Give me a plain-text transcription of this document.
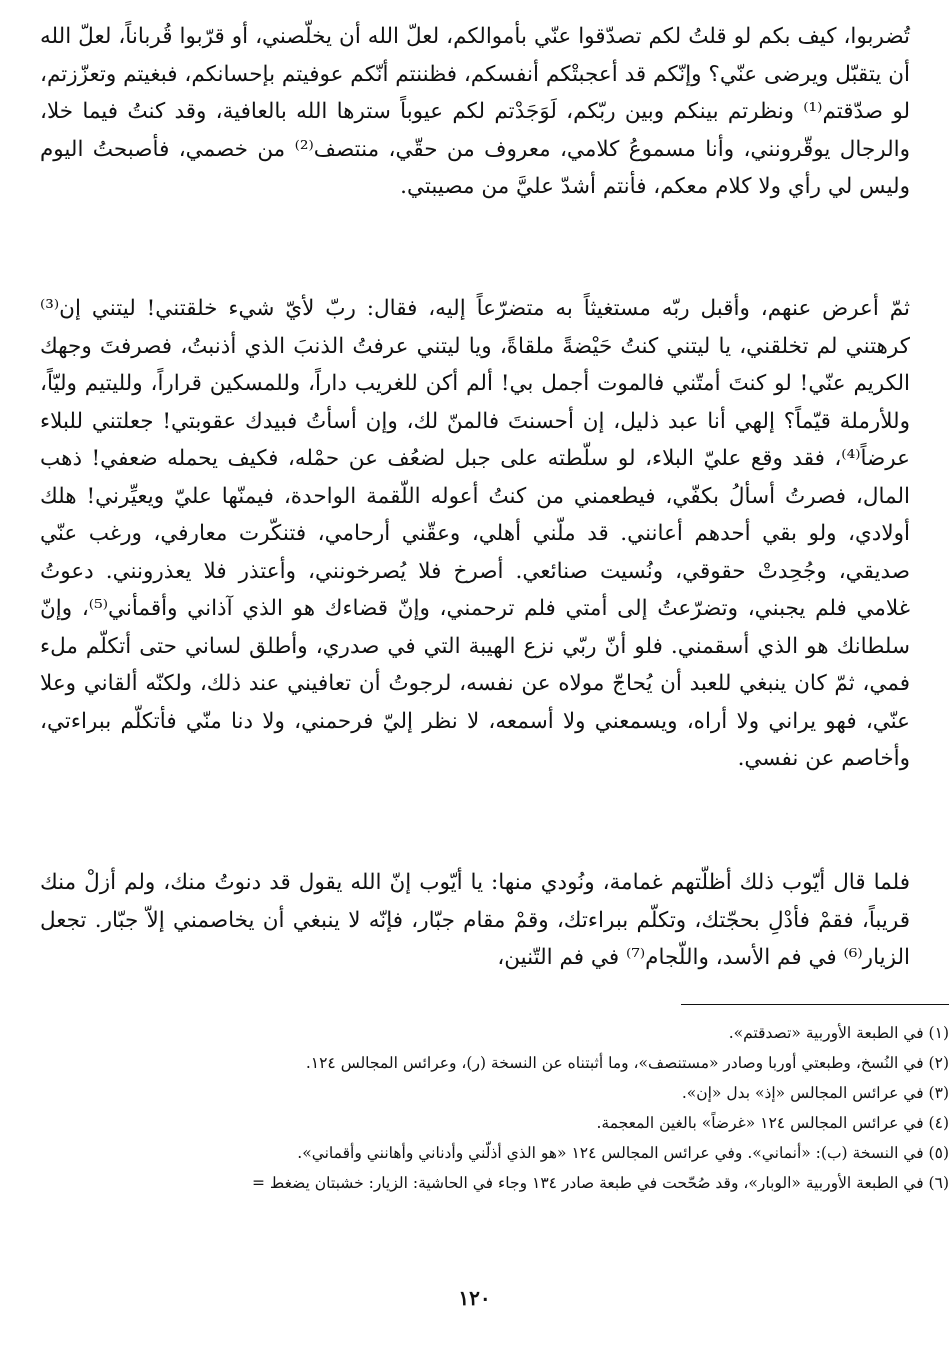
تُضربوا، كيف بكم لو قلتُ لكم تصدّقوا عنّي بأموالكم، لعلّ الله أن يخلّصني، أو قرّبوا قُرباناً، لعلّ الله أن يتقبّل ويرضى عنّي؟ وإنّكم قد أعجبتْكم أنفسكم، فظننتم أنّكم عوفيتم بإحسانكم، فبغيتم وتعزّزتم، لو صدّقتم⁽¹⁾ ونظرتم بينكم وبين ربّكم، لَوَجَدْتم لكم عيوباً سترها الله بالعافية، وقد كنتُ فيما خلا، والرجال يوقّرونني، وأنا مسموعُ كلامي، معروف من حقّي، منتصف⁽²⁾ من خصمي، فأصبحتُ اليوم وليس لي رأي ولا كلام معكم، فأنتم أشدّ عليَّ من مصيبتي.

ثمّ أعرض عنهم، وأقبل ربّه مستغيثاً به متضرّعاً إليه، فقال: ربّ لأيّ شيء خلقتني! ليتني إن⁽³⁾ كرهتني لم تخلقني، يا ليتني كنتُ حَيْضةً ملقاةً، ويا ليتني عرفتُ الذنبَ الذي أذنبتُ، فصرفتَ وجهك الكريم عنّي! لو كنتَ أمتّني فالموت أجمل بي! ألم أكن للغريب داراً، وللمسكين قراراً، ولليتيم وليّاً، وللأرملة قيّماً؟ إلهي أنا عبد ذليل، إن أحسنتَ فالمنّ لك، وإن أسأتُ فبيدك عقوبتي! جعلتني للبلاء عرضاً⁽⁴⁾، فقد وقع عليّ البلاء، لو سلّطته على جبل لضعُف عن حمْله، فكيف يحمله ضعفي! ذهب المال، فصرتُ أسألُ بكفّي، فيطعمني من كنتُ أعوله اللّقمة الواحدة، فيمنّها عليّ ويعيِّرني! هلك أولادي، ولو بقي أحدهم أعانني. قد ملّني أهلي، وعقّني أرحامي، فتنكّرت معارفي، ورغب عنّي صديقي، وجُحِدتْ حقوقي، ونُسيت صنائعي. أصرخ فلا يُصرخونني، وأعتذر فلا يعذرونني. دعوتُ غلامي فلم يجبني، وتضرّعتُ إلى أمتي فلم ترحمني، وإنّ قضاءك هو الذي آذاني وأقمأني⁽⁵⁾، وإنّ سلطانك هو الذي أسقمني. فلو أنّ ربّي نزع الهيبة التي في صدري، وأطلق لساني حتى أتكلّم ملء فمي، ثمّ كان ينبغي للعبد أن يُحاجّ مولاه عن نفسه، لرجوتُ أن تعافيني عند ذلك، ولكنّه ألقاني وعلا عنّي، فهو يراني ولا أراه، ويسمعني ولا أسمعه، لا نظر إليّ فرحمني، ولا دنا منّي فأتكلّم ببراءتي، وأخاصم عن نفسي.

فلما قال أيّوب ذلك أظلّتهم غمامة، ونُودي منها: يا أيّوب إنّ الله يقول قد دنوتُ منك، ولم أزلْ منك قريباً، فقمْ فأدْلِ بحجّتك، وتكلّم ببراءتك، وقمْ مقام جبّار، فإنّه لا ينبغي أن يخاصمني إلاّ جبّار. تجعل الزيار⁽⁶⁾ في فم الأسد، واللّجام⁽⁷⁾ في فم التّنين،

(١) في الطبعة الأوربية «تصدقتم».
(٢) في النُسخ، وطبعتي أوربا وصادر «مستنصف»، وما أثبتناه عن النسخة (ر)، وعرائس المجالس ١٢٤.
(٣) في عرائس المجالس «إذ» بدل «إن».
(٤) في عرائس المجالس ١٢٤ «غرضاً» بالغين المعجمة.
(٥) في النسخة (ب): «أنماني». وفي عرائس المجالس ١٢٤ «هو الذي أذلّني وأدناني وأهانني وأقماني».
(٦) في الطبعة الأوربية «الوبار»، وقد صُحّحت في طبعة صادر ١٣٤ وجاء في الحاشية: الزيار: خشبتان يضغط =
١٢٠
